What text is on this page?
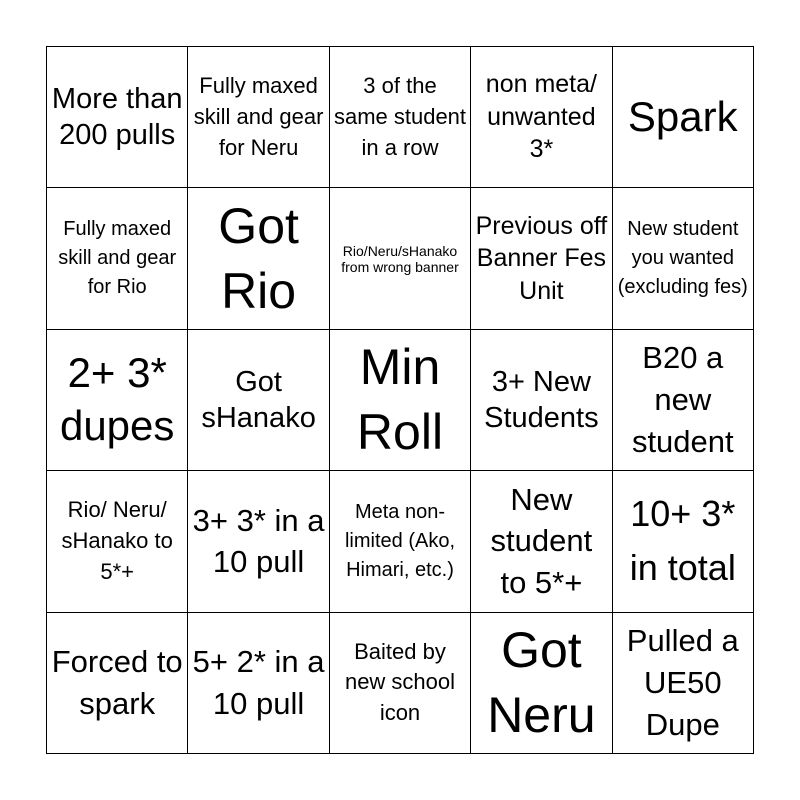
More than 200 pulls
Fully maxed skill and gear for Neru
3 of the same student in a row
non meta/ unwanted 3*
Spark
Fully maxed skill and gear for Rio
Got Rio
Rio/Neru/sHanako from wrong banner
Previous off Banner Fes Unit
New student you wanted (excluding fes)
2+ 3* dupes
Got sHanako
Min Roll
3+ New Students
B20 a new student
Rio/ Neru/ sHanako to 5*+
3+ 3* in a 10 pull
Meta non-limited (Ako, Himari, etc.)
New student to 5*+
10+ 3* in total
Forced to spark
5+ 2* in a 10 pull
Baited by new school icon
Got Neru
Pulled a UE50 Dupe
